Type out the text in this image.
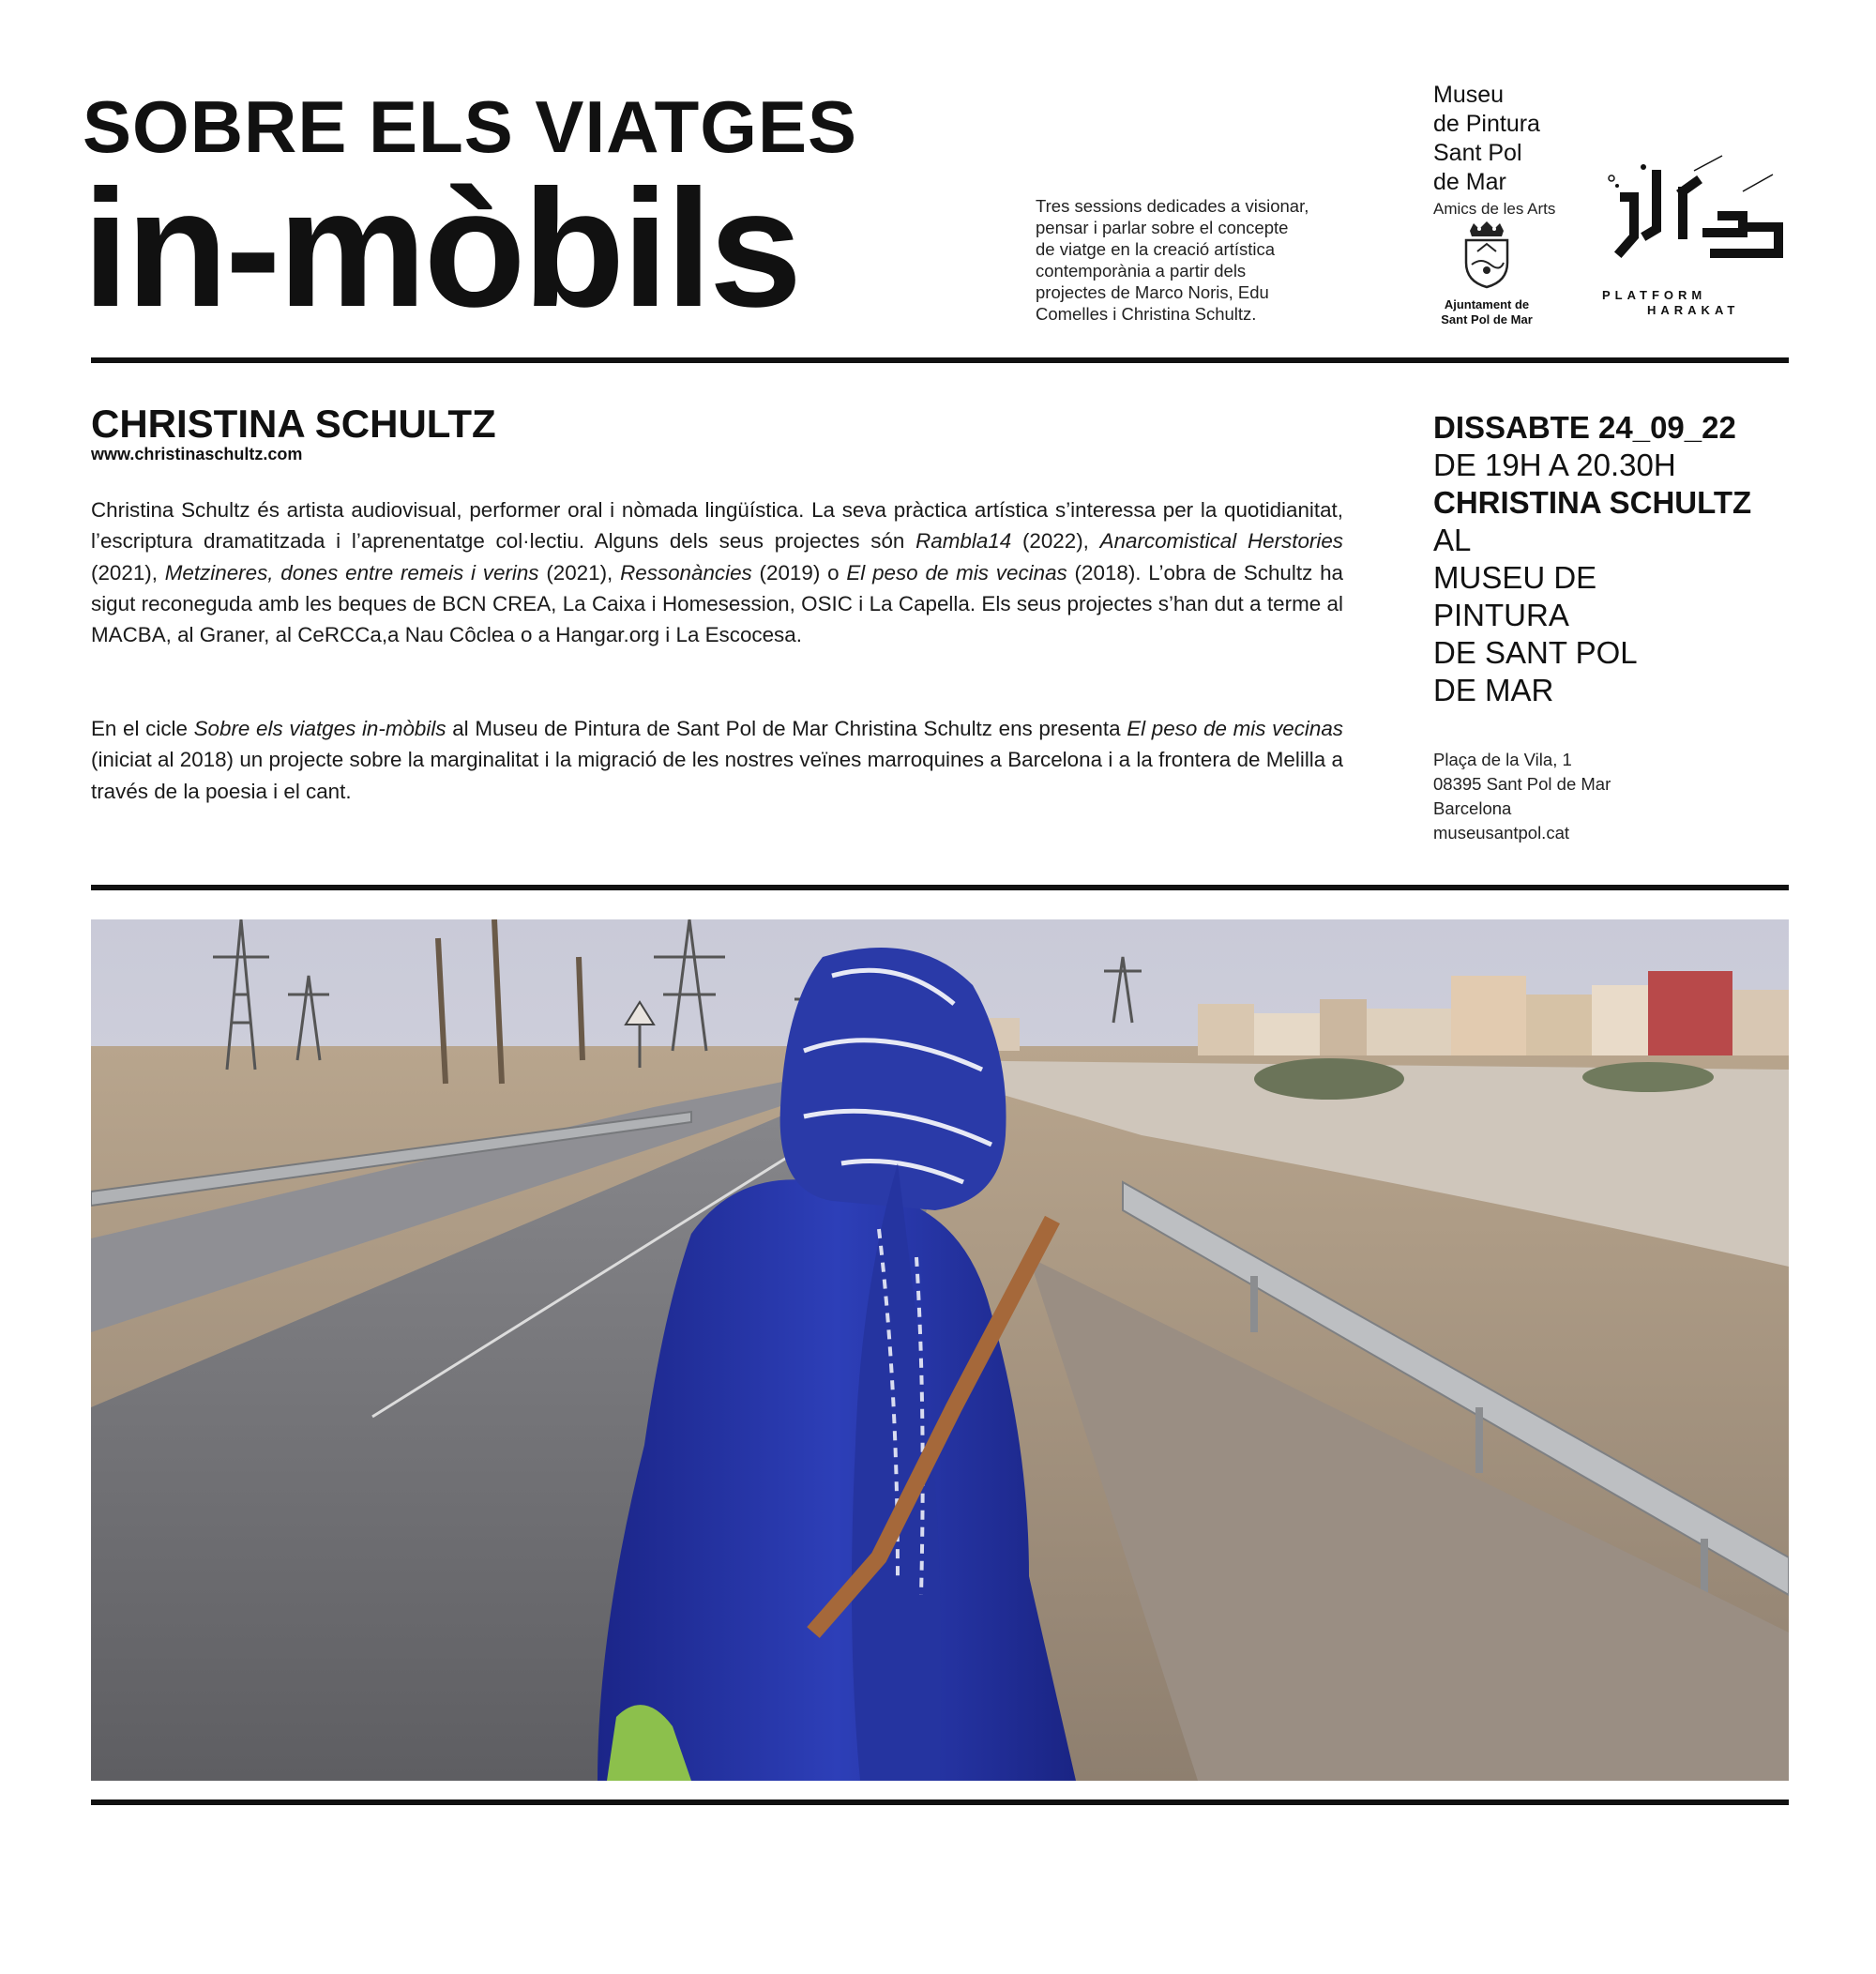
SOBRE ELS VIATGES
in-mòbils	Tres sessions dedicades a visionar,
pensar i parlar sobre el concepte
de viatge en la creació artística
contemporània a partir dels
projectes de Marco Noris, Edu
Comelles i Christina Schultz.
Museu
de Pintura
Sant Pol
de Mar
Amics de les Arts
Ajuntament de
Sant Pol de Mar
PLATFORM
HARAKAT
CHRISTINA SCHULTZ
www.christinaschultz.com
Christina Schultz és artista audiovisual, performer oral i nòmada lingüística. La seva pràctica artística s’interessa per la quotidianitat, l’escriptura dramatitzada i l’aprenentatge col·lectiu. Alguns dels seus projectes són Rambla14 (2022), Anarcomistical Herstories (2021), Metzineres, dones entre remeis i verins (2021), Ressonàncies (2019) o El peso de mis vecinas (2018). L’obra de Schultz ha sigut reconeguda amb les beques de BCN CREA, La Caixa i Homesession, OSIC i La Capella. Els seus projectes s’han dut a terme al MACBA, al Graner, al CeRCCa,a Nau Côclea o a Hangar.org i La Escocesa.
En el cicle Sobre els viatges in-mòbils al Museu de Pintura de Sant Pol de Mar Christina Schultz ens presenta El peso de mis vecinas (iniciat al 2018) un projecte sobre la marginalitat i la migració de les nostres veïnes marroquines a Barcelona i a la frontera de Melilla a través de la poesia i el cant.
DISSABTE 24_09_22
DE 19H A 20.30H
CHRISTINA SCHULTZ
AL
MUSEU DE
PINTURA
DE SANT POL
DE MAR
Plaça de la Vila, 1
08395 Sant Pol de Mar
Barcelona
museusantpol.cat
